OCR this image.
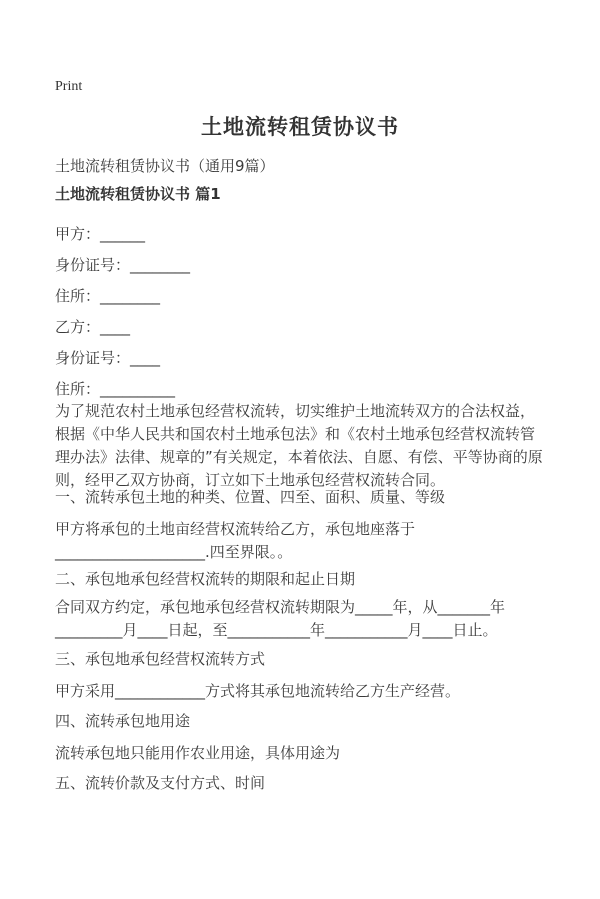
Print
土地流转租赁协议书
土地流转租赁协议书（通用9篇）
土地流转租赁协议书 篇1
甲方：______
身份证号：________
住所：________
乙方：____
身份证号：____
住所：__________
为了规范农村土地承包经营权流转，切实维护土地流转双方的合法权益，根据《中华人民共和国农村土地承包法》和《农村土地承包经营权流转管理办法》法律、规章的”有关规定，本着依法、自愿、有偿、平等协商的原则，经甲乙双方协商，订立如下土地承包经营权流转合同。
一、流转承包土地的种类、位置、四至、面积、质量、等级
甲方将承包的土地亩经营权流转给乙方，承包地座落于____________________.四至界限。。
二、承包地承包经营权流转的期限和起止日期
合同双方约定，承包地承包经营权流转期限为_____年，从_______年_________月____日起，至___________年___________月____日止。
三、承包地承包经营权流转方式
甲方采用____________方式将其承包地流转给乙方生产经营。
四、流转承包地用途
流转承包地只能用作农业用途，具体用途为
五、流转价款及支付方式、时间
